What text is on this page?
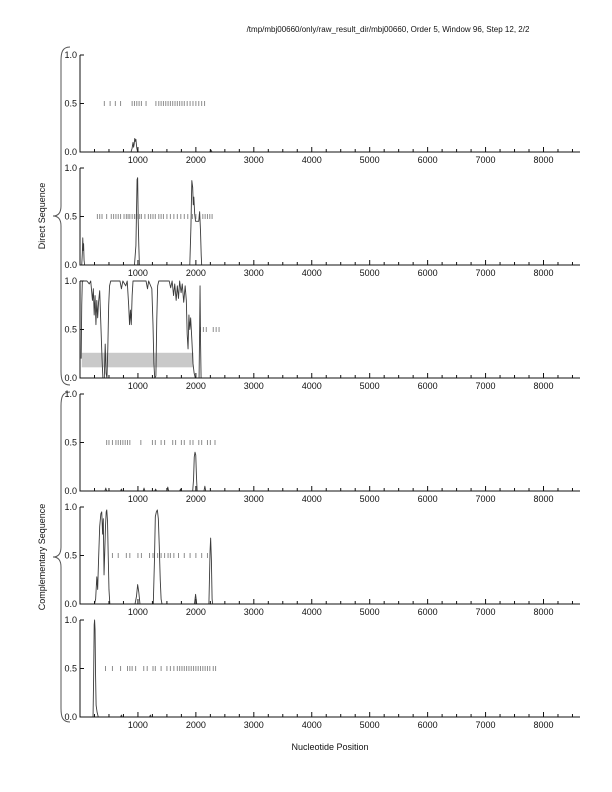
/tmp/mbj00660/only/raw_result_dir/mbj00660, Order 5, Window 96, Step 12, 2/2
Direct Sequence
Complementary Sequence
1.0
0.5
0.0
1000	2000	3000	4000	5000	6000	7000	8000
1.0
0.5
0.0
1000	2000	3000	4000	5000	6000	7000	8000
1.0
0.5
0.0
1000	2000	3000	4000	5000	6000	7000	8000
1.0
0.5
0.0
1000	2000	3000	4000	5000	6000	7000	8000
1.0
0.5
0.0
1000	2000	3000	4000	5000	6000	7000	8000
1.0
0.5
0.0
1000	2000	3000	4000	5000	6000	7000	8000
Nucleotide Position
